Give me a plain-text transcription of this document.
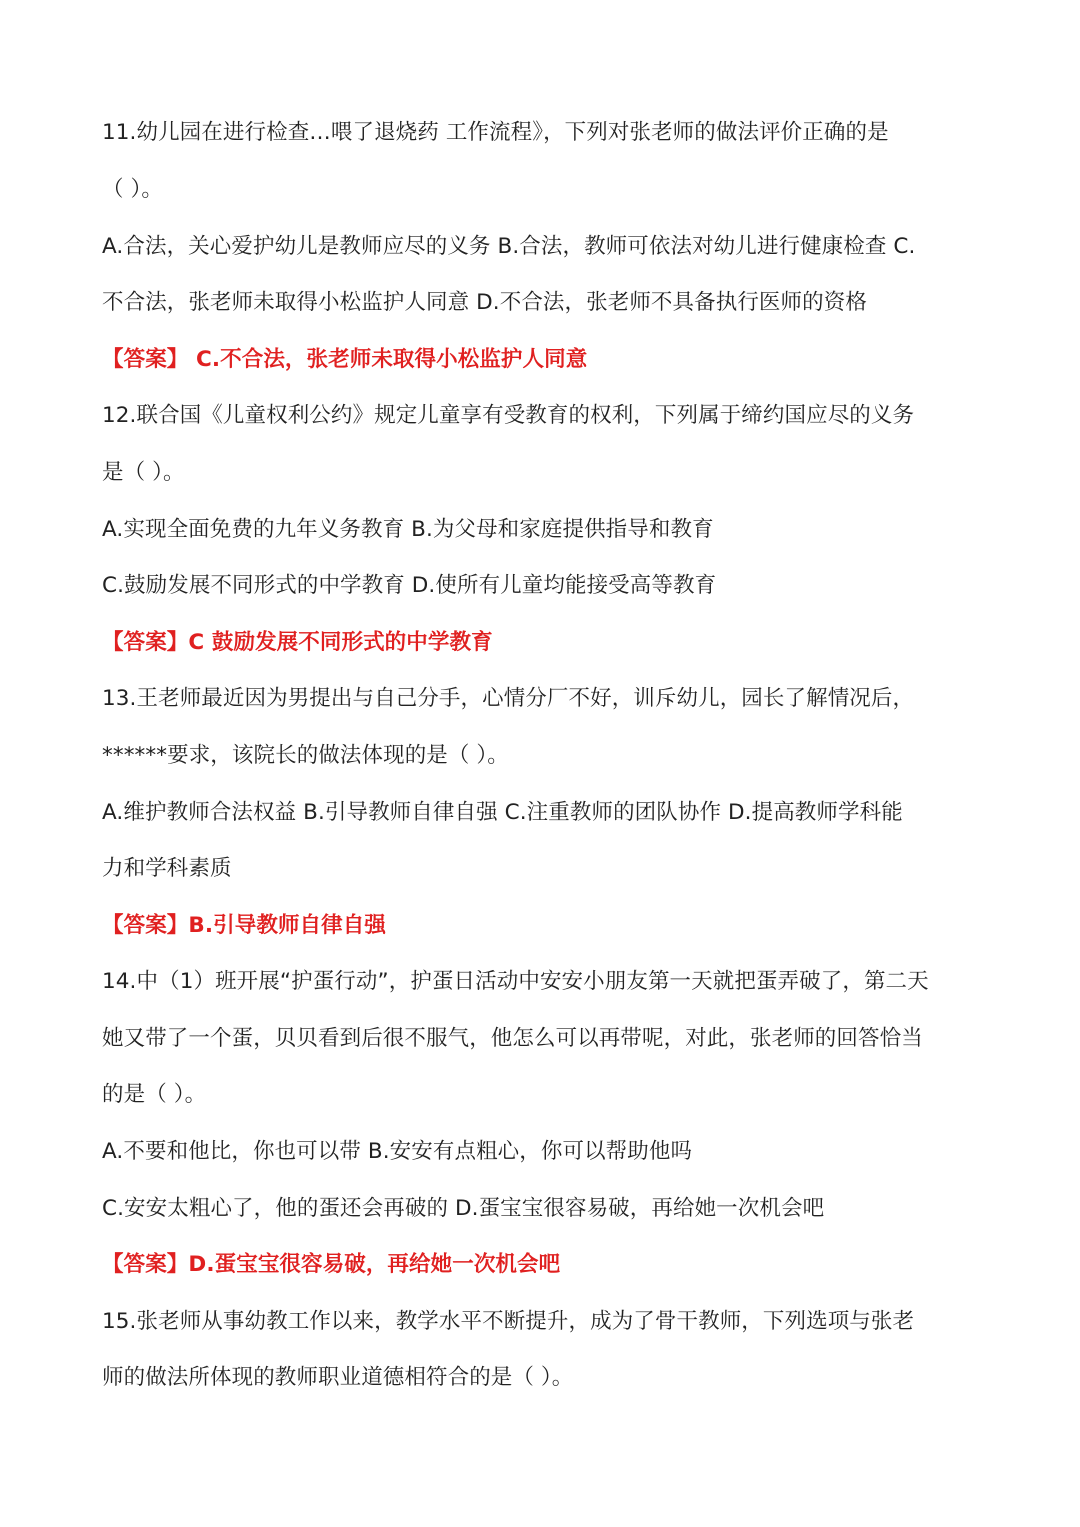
11.幼儿园在进行检查…喂了退烧药 工作流程》，下列对张老师的做法评价正确的是
（ ）。
A.合法，关心爱护幼儿是教师应尽的义务 B.合法，教师可依法对幼儿进行健康检查 C.
不合法，张老师未取得小松监护人同意 D.不合法，张老师不具备执行医师的资格
【答案】 C.不合法，张老师未取得小松监护人同意
12.联合国《儿童权利公约》规定儿童享有受教育的权利，下列属于缔约国应尽的义务
是（ ）。
A.实现全面免费的九年义务教育 B.为父母和家庭提供指导和教育
C.鼓励发展不同形式的中学教育 D.使所有儿童均能接受高等教育
【答案】C 鼓励发展不同形式的中学教育
13.王老师最近因为男提出与自己分手，心情分厂不好，训斥幼儿，园长了解情况后，
******要求，该院长的做法体现的是（ ）。
A.维护教师合法权益 B.引导教师自律自强 C.注重教师的团队协作 D.提高教师学科能
力和学科素质
【答案】B.引导教师自律自强
14.中（1）班开展“护蛋行动”，护蛋日活动中安安小朋友第一天就把蛋弄破了，第二天
她又带了一个蛋，贝贝看到后很不服气，他怎么可以再带呢，对此，张老师的回答恰当
的是（ ）。
A.不要和他比，你也可以带 B.安安有点粗心，你可以帮助他吗
C.安安太粗心了，他的蛋还会再破的 D.蛋宝宝很容易破，再给她一次机会吧
【答案】D.蛋宝宝很容易破，再给她一次机会吧
15.张老师从事幼教工作以来，教学水平不断提升，成为了骨干教师，下列选项与张老
师的做法所体现的教师职业道德相符合的是（ ）。
